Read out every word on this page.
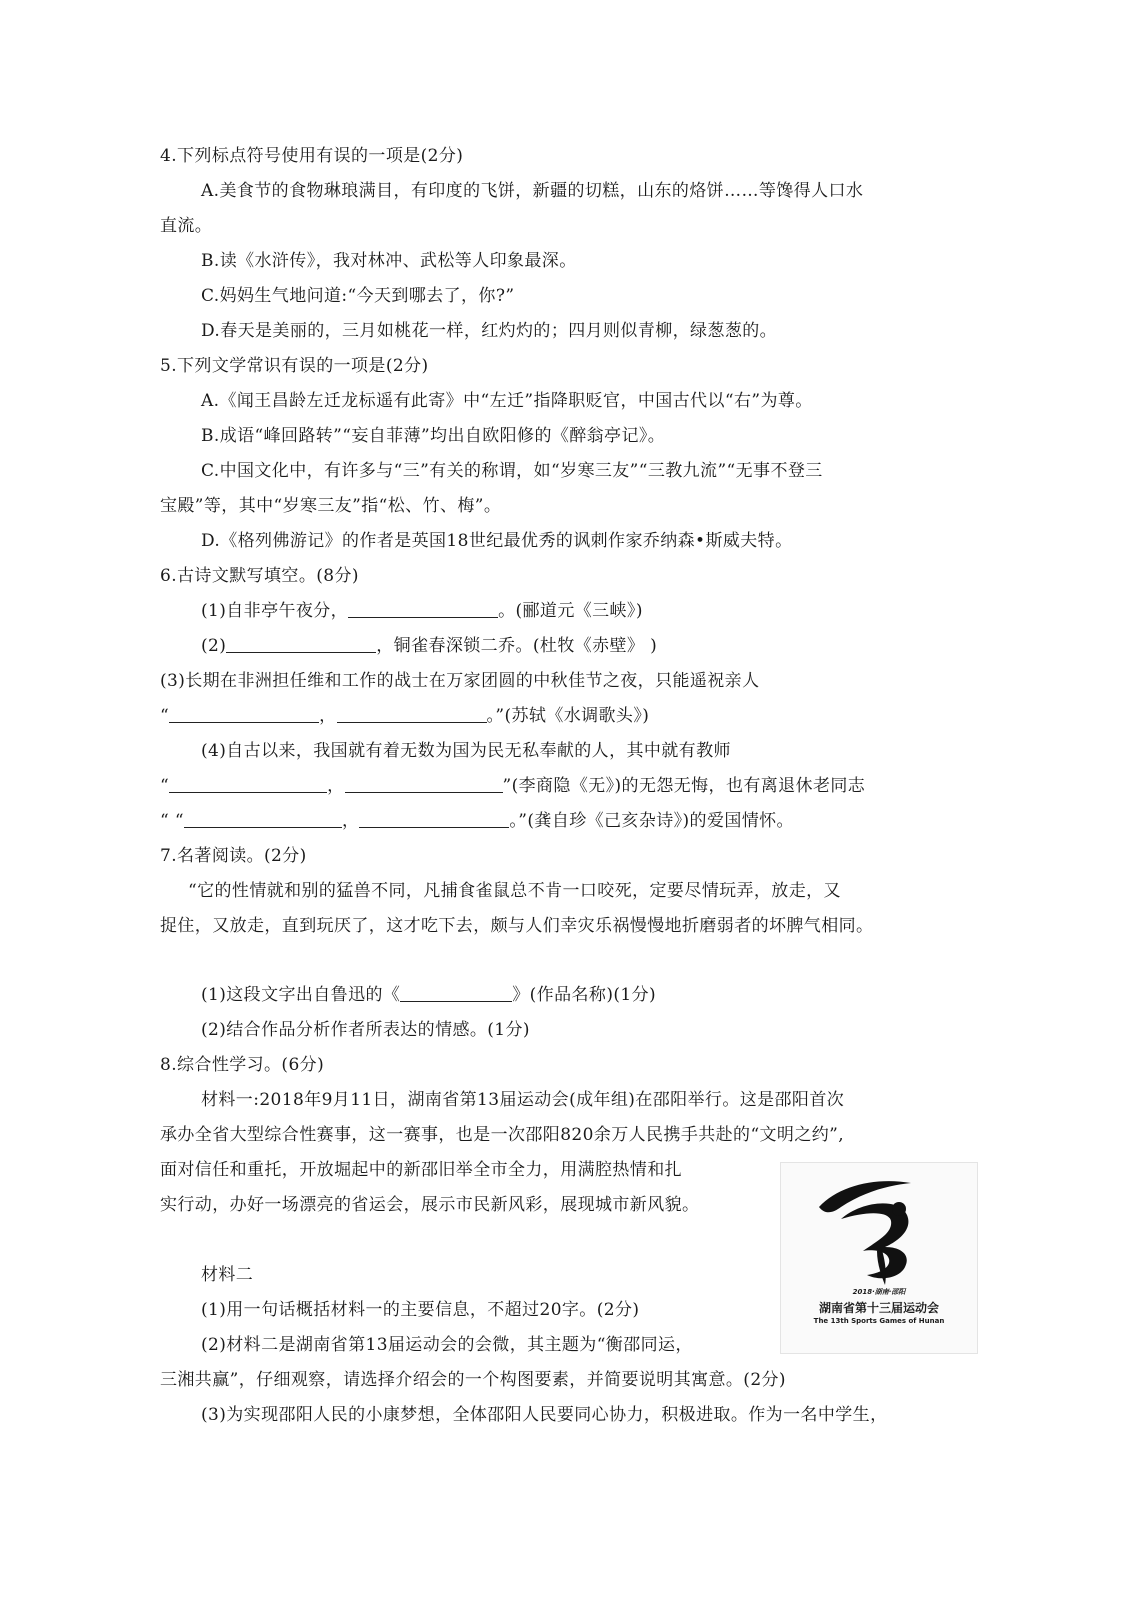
4.下列标点符号使用有误的一项是(2分)
A.美食节的食物琳琅满目，有印度的飞饼，新疆的切糕，山东的烙饼……等馋得人口水
直流。
B.读《水浒传》，我对林冲、武松等人印象最深。
C.妈妈生气地问道:“今天到哪去了，你?”
D.春天是美丽的，三月如桃花一样，红灼灼的；四月则似青柳，绿葱葱的。
5.下列文学常识有误的一项是(2分)
A.《闻王昌龄左迁龙标遥有此寄》中“左迁”指降职贬官，中国古代以“右”为尊。
B.成语“峰回路转”“妄自菲薄”均出自欧阳修的《醉翁亭记》。
C.中国文化中，有许多与“三”有关的称谓，如“岁寒三友”“三教九流”“无事不登三
宝殿”等，其中“岁寒三友”指“松、竹、梅”。
D.《格列佛游记》的作者是英国18世纪最优秀的讽刺作家乔纳森•斯威夫特。
6.古诗文默写填空。(8分)
(1)自非亭午夜分，	。(郦道元《三峡》)
(2)	，铜雀春深锁二乔。(杜牧《赤壁》 )
(3)长期在非洲担任维和工作的战士在万家团圆的中秋佳节之夜，只能遥祝亲人
“	，	。”(苏轼《水调歌头》)
(4)自古以来，我国就有着无数为国为民无私奉献的人，其中就有教师
“	，	”(李商隐《无》)的无怨无悔，也有离退休老同志
“ “	，	。”(龚自珍《己亥杂诗》)的爱国情怀。
7.名著阅读。(2分)
“它的性情就和别的猛兽不同，凡捕食雀鼠总不肯一口咬死，定要尽情玩弄，放走，又
捉住，又放走，直到玩厌了，这才吃下去，颇与人们幸灾乐祸慢慢地折磨弱者的坏脾气相同。
(1)这段文字出自鲁迅的《	》(作品名称)(1分)
(2)结合作品分析作者所表达的情感。(1分)
8.综合性学习。(6分)
材料一:2018年9月11日，湖南省第13届运动会(成年组)在邵阳举行。这是邵阳首次
承办全省大型综合性赛事，这一赛事，也是一次邵阳820余万人民携手共赴的“文明之约”,
面对信任和重托，开放堀起中的新邵旧举全市全力，用满腔热情和扎
实行动，办好一场漂亮的省运会，展示市民新风彩，展现城市新风貌。
材料二
(1)用一句话概括材料一的主要信息，不超过20字。(2分)
(2)材料二是湖南省第13届运动会的会微，其主题为“衡邵同运，
三湘共赢”，仔细观察，请选择介绍会的一个构图要素，并简要说明其寓意。(2分)
(3)为实现邵阳人民的小康梦想，全体邵阳人民要同心协力，积极进取。作为一名中学生，
2018·湖南·邵阳
湖南省第十三届运动会
The 13th Sports Games of Hunan
